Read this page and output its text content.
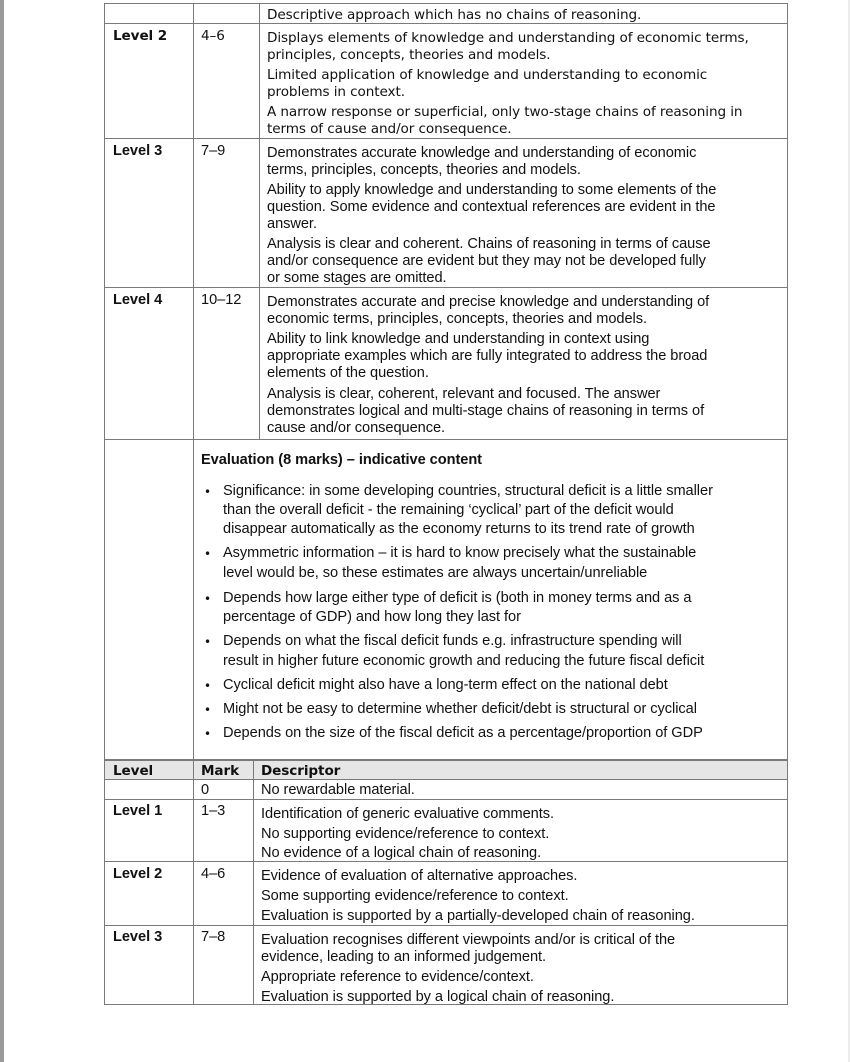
Descriptive approach which has no chains of reasoning.
Level 2 4–6	Displays elements of knowledge and understanding of economic terms,
principles, concepts, theories and models.
Limited application of knowledge and understanding to economic
problems in context.
A narrow response or superficial, only two-stage chains of reasoning in
terms of cause and/or consequence.
Level 3	7–9	Demonstrates accurate knowledge and understanding of economic
terms, principles, concepts, theories and models.
Ability to apply knowledge and understanding to some elements of the
question. Some evidence and contextual references are evident in the
answer.
Analysis is clear and coherent. Chains of reasoning in terms of cause
and/or consequence are evident but they may not be developed fully
or some stages are omitted.
Level 4	10–12 Demonstrates accurate and precise knowledge and understanding of
economic terms, principles, concepts, theories and models.
Ability to link knowledge and understanding in context using
appropriate examples which are fully integrated to address the broad
elements of the question.
Analysis is clear, coherent, relevant and focused. The answer
demonstrates logical and multi-stage chains of reasoning in terms of
cause and/or consequence.
Evaluation (8 marks) – indicative content
• Significance: in some developing countries, structural deficit is a little smaller
than the overall deficit - the remaining ‘cyclical’ part of the deficit would
disappear automatically as the economy returns to its trend rate of growth
• Asymmetric information – it is hard to know precisely what the sustainable
level would be, so these estimates are always uncertain/unreliable
• Depends how large either type of deficit is (both in money terms and as a
percentage of GDP) and how long they last for
• Depends on what the fiscal deficit funds e.g. infrastructure spending will
result in higher future economic growth and reducing the future fiscal deficit
• Cyclical deficit might also have a long-term effect on the national debt
• Might not be easy to determine whether deficit/debt is structural or cyclical
• Depends on the size of the fiscal deficit as a percentage/proportion of GDP
Level	Mark Descriptor
0	No rewardable material.
Level 1	1–3 Identification of generic evaluative comments.
No supporting evidence/reference to context.
No evidence of a logical chain of reasoning.
Level 2	4–6 Evidence of evaluation of alternative approaches.
Some supporting evidence/reference to context.
Evaluation is supported by a partially-developed chain of reasoning.
Level 3	7–8 Evaluation recognises different viewpoints and/or is critical of the
evidence, leading to an informed judgement.
Appropriate reference to evidence/context.
Evaluation is supported by a logical chain of reasoning.
